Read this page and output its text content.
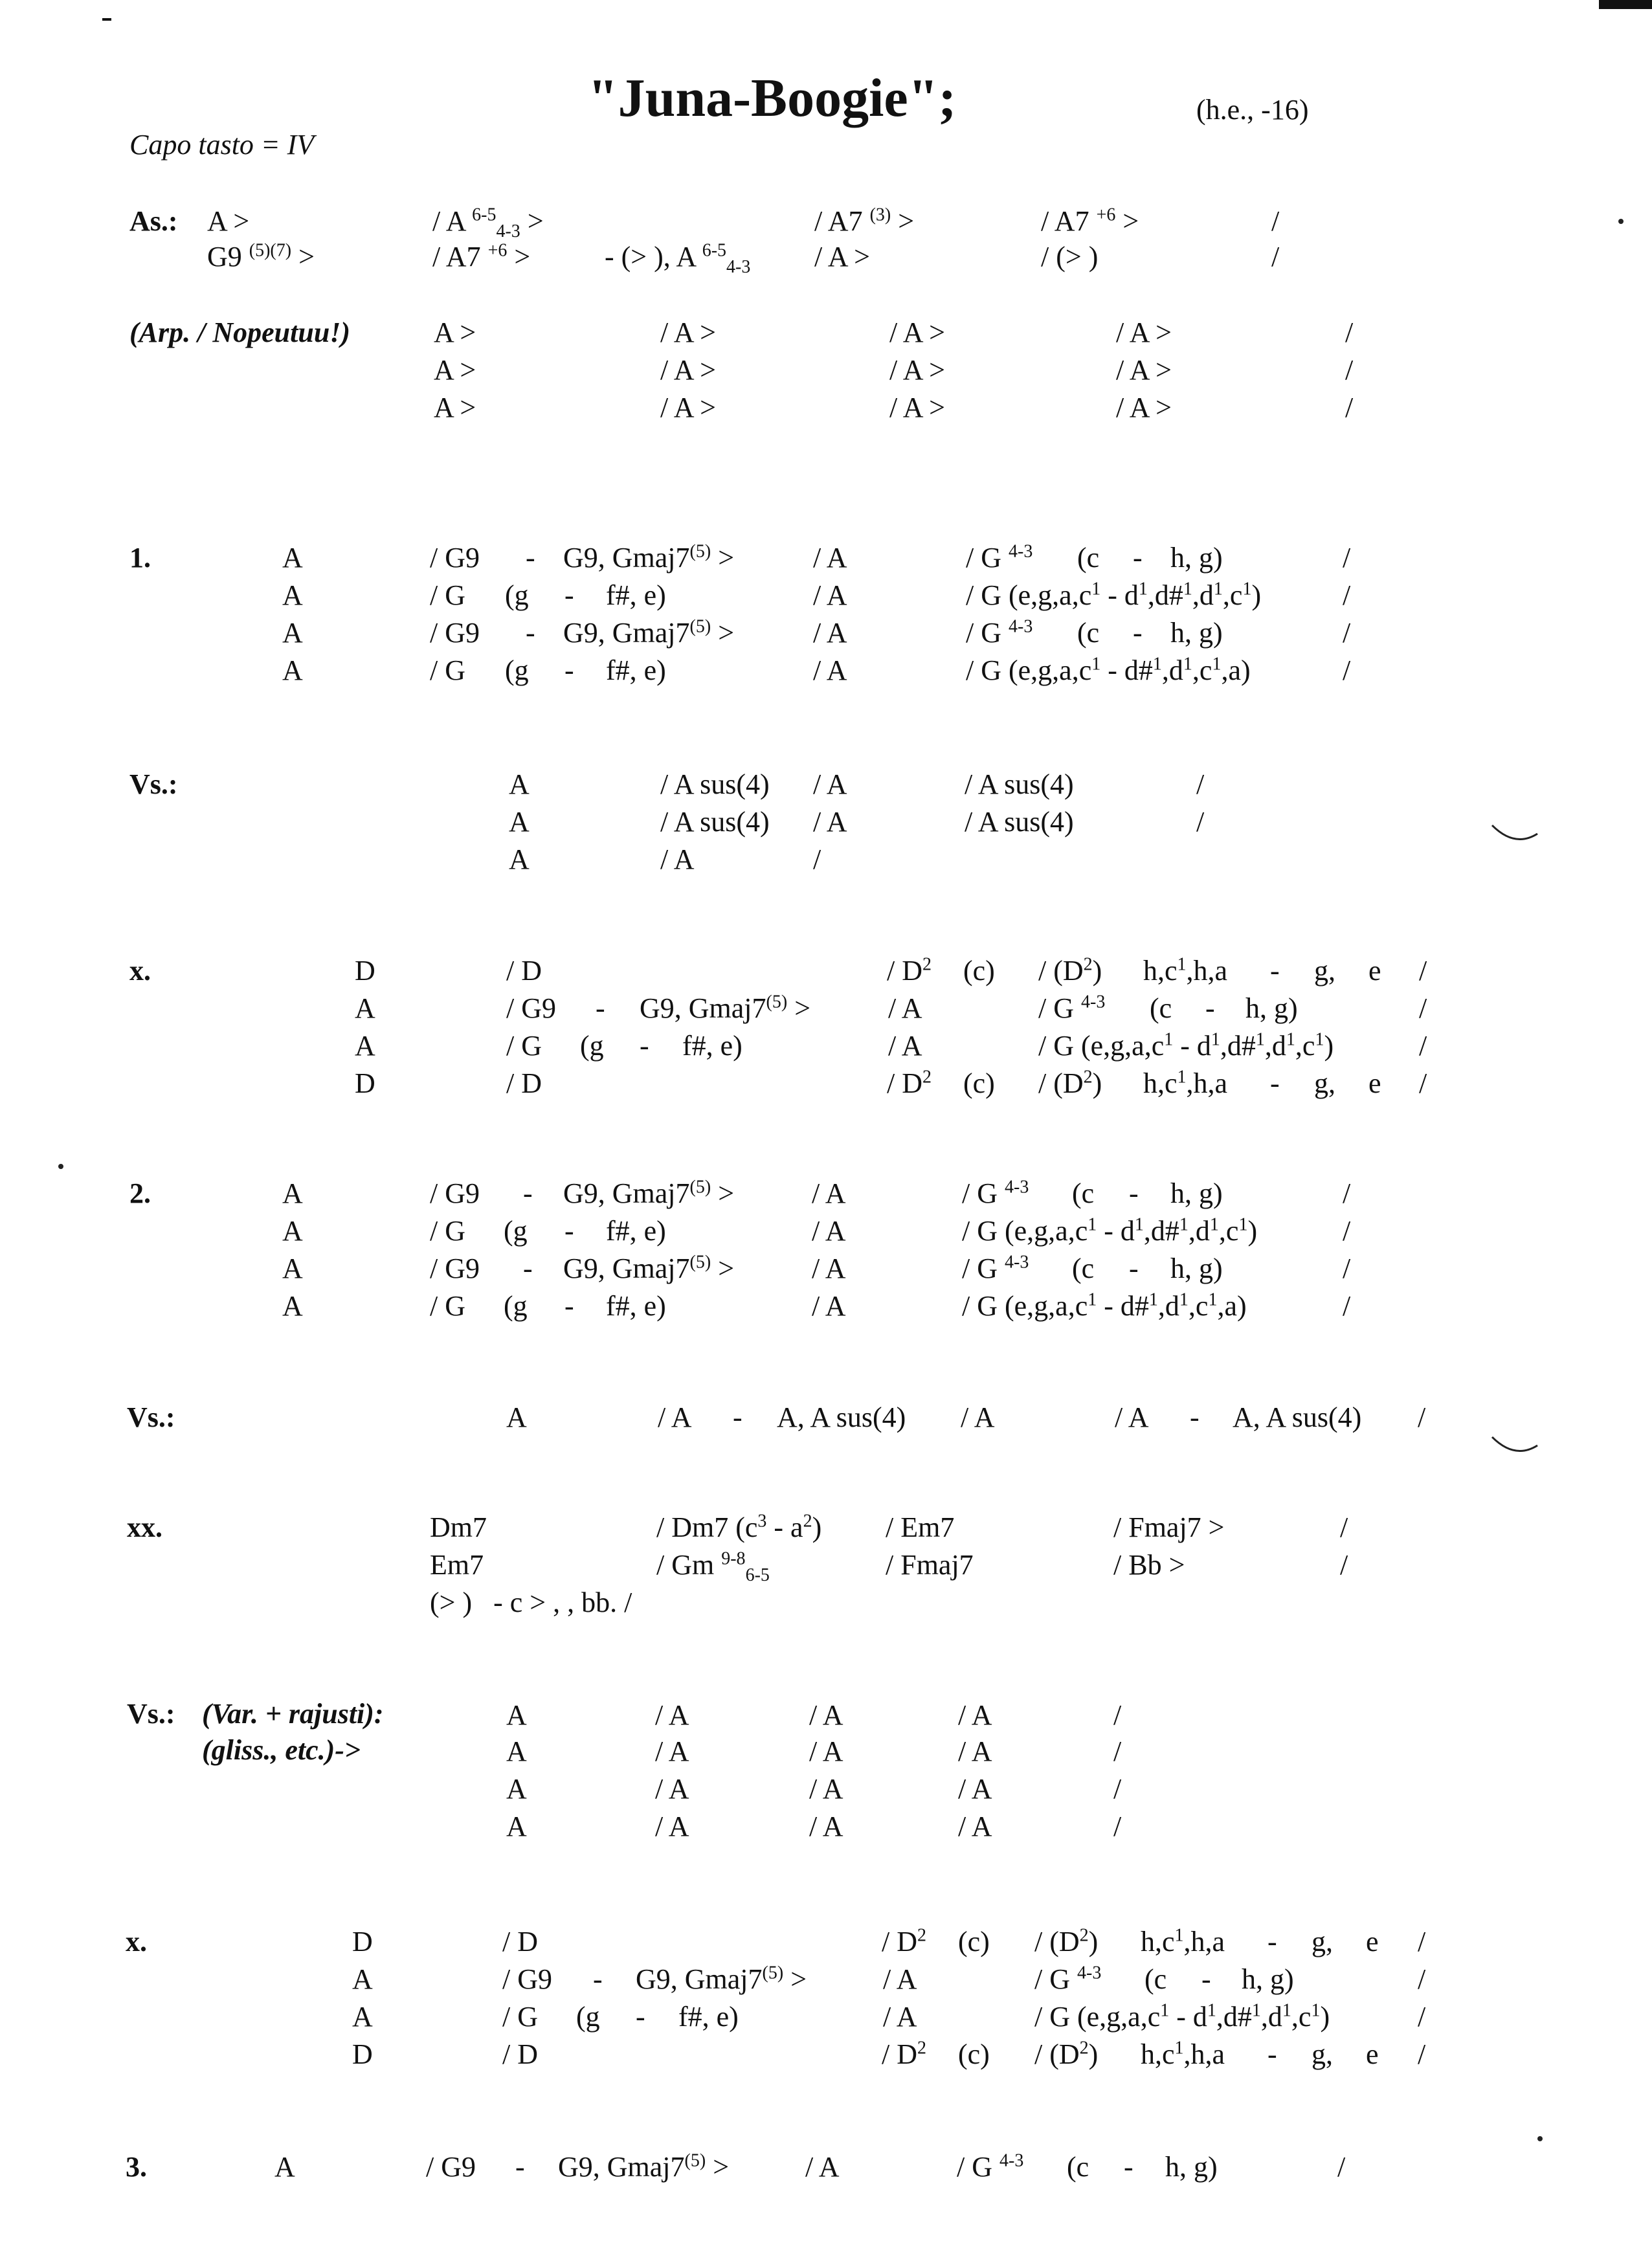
"Juna-Boogie";	(h.e., -16)
Capo tasto = IV
As.: A >	/ A $^{6-5}_{4-3}$ >	/ A7 $^{(3)}$ >	/ A7 $^{+6}$ >	/
G9 $^{(5)(7)}$ >	/ A7 $^{+6}$ >	- (> ), A $^{6-5}_{4-3}$ / A >	/ (> )	/
(Arp. / Nopeutuu!)	A >	/ A >	/ A >	/ A >	/
A >	/ A >	/ A >	/ A >	/
A >	/ A >	/ A >	/ A >	/
1.	A	/ G9 - G9, $Gmaj7^{(5)}$ >	/ A	/ G $^{4-3}$ (c - h, g)	/
A	/ G (g - f#, e)	/ A	/ G ($e,g,a,c^1$ - $d^1,d\#^1,d^1,c^1$)	/
A	/ G9 - G9, $Gmaj7^{(5)}$ >	/ A	/ G $^{4-3}$ (c - h, g)	/
A	/ G (g - f#, e)	/ A	/ G ($e,g,a,c^1$ - $d\#^1,d^1,c^1,a$)	/
Vs.:	A	/ A sus(4) / A	/ A sus(4)	/
A	/ A sus(4) / A	/ A sus(4)	/
A	/ A	/
x.	D	/ D	/ $D^2$ $(c) / (D^2)$ $h,c^1,h,a$ - g, e /
A	/ G9 - G9, $Gmaj7^{(5)}$ >	/ A	/ G $^{4-3}$ (c - h, g)	/
A	/ G (g - f#, e)	/ A	/ G ($e,g,a,c^1$ - $d^1,d\#^1,d^1,c^1$)	/
D	/ D	/ $D^2$ $(c) / (D^2)$ $h,c^1,h,a$ - g, e /
2.	A	/ G9 - G9, $Gmaj7^{(5)}$ >	/ A	/ G $^{4-3}$ (c - h, g)	/
A	/ G (g - f#, e)	/ A	/ G ($e,g,a,c^1$ - $d^1,d\#^1,d^1,c^1$)	/
A	/ G9 - G9, $Gmaj7^{(5)}$ >	/ A	/ G $^{4-3}$ (c - h, g)	/
A	/ G (g - f#, e)	/ A	/ G ($e,g,a,c^1$ - $d\#^1,d^1,c^1,a$)	/
Vs.:	A	/ A - A, A sus(4) / A	/ A - A, A sus(4) /
xx.	Dm7	/ Dm7 $(c^3 - a^2) / Em7$	/ Fmaj7 >	/
Em7	/ Gm $^{9-8}_{6-5}$	/ Fmaj7	/ Bb >	/
(> )   - c > , , bb. /
Vs.: (Var. + rajusti):
(gliss., etc.)->
A	/ A	/ A	/ A	/
A	/ A	/ A	/ A	/
A	/ A	/ A	/ A	/
A	/ A	/ A	/ A	/
x.	D	/ D	/ $D^2$ $(c) / (D^2)$ $h,c^1,h,a$ - g, e /
A	/ G9 - G9, $Gmaj7^{(5)}$ >	/ A	/ G $^{4-3}$ (c - h, g)	/
A	/ G (g - f#, e)	/ A	/ G ($e,g,a,c^1$ - $d^1,d\#^1,d^1,c^1$)	/
D	/ D	/ $D^2$ $(c) / (D^2)$ $h,c^1,h,a$ - g, e /
3.	A	/ G9 - G9, $Gmaj7^{(5)}$ >	/ A	/ G $^{4-3}$ (c - h, g)	/
